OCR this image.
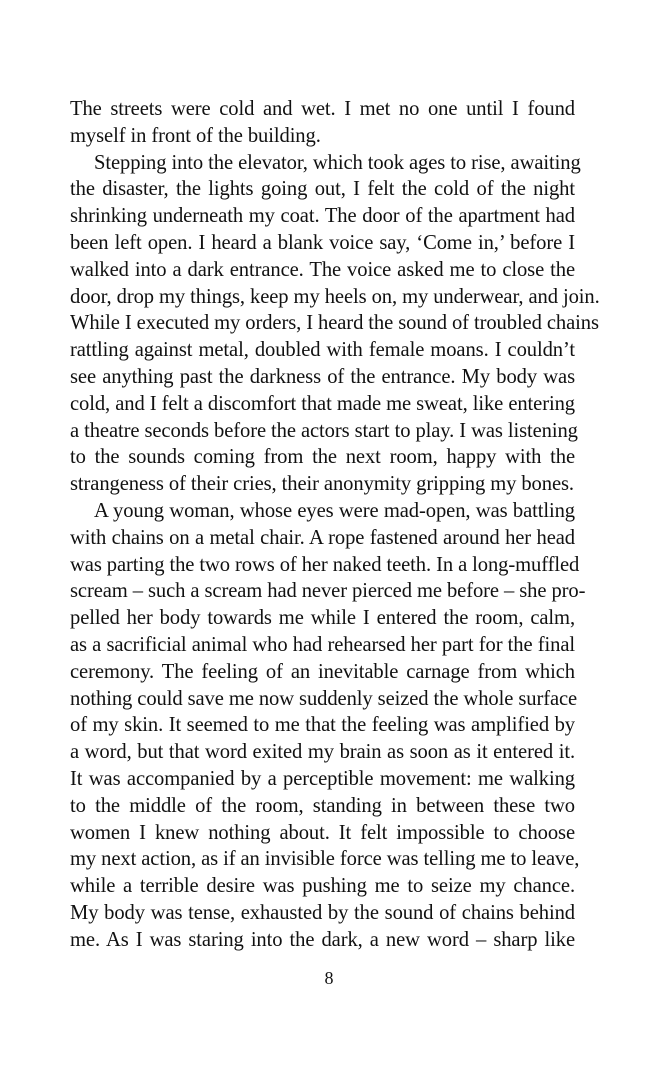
The streets were cold and wet. I met no one until I found
myself in front of the building.
Stepping into the elevator, which took ages to rise, awaiting
the disaster, the lights going out, I felt the cold of the night
shrinking underneath my coat. The door of the apartment had
been left open. I heard a blank voice say, ‘Come in,’ before I
walked into a dark entrance. The voice asked me to close the
door, drop my things, keep my heels on, my underwear, and join.
While I executed my orders, I heard the sound of troubled chains
rattling against metal, doubled with female moans. I couldn’t
see anything past the darkness of the entrance. My body was
cold, and I felt a discomfort that made me sweat, like entering
a theatre seconds before the actors start to play. I was listening
to the sounds coming from the next room, happy with the
strangeness of their cries, their anonymity gripping my bones.
A young woman, whose eyes were mad-open, was battling
with chains on a metal chair. A rope fastened around her head
was parting the two rows of her naked teeth. In a long-muffled
scream – such a scream had never pierced me before – she pro-
pelled her body towards me while I entered the room, calm,
as a sacrificial animal who had rehearsed her part for the final
ceremony. The feeling of an inevitable carnage from which
nothing could save me now suddenly seized the whole surface
of my skin. It seemed to me that the feeling was amplified by
a word, but that word exited my brain as soon as it entered it.
It was accompanied by a perceptible movement: me walking
to the middle of the room, standing in between these two
women I knew nothing about. It felt impossible to choose
my next action, as if an invisible force was telling me to leave,
while a terrible desire was pushing me to seize my chance.
My body was tense, exhausted by the sound of chains behind
me. As I was staring into the dark, a new word – sharp like
8
